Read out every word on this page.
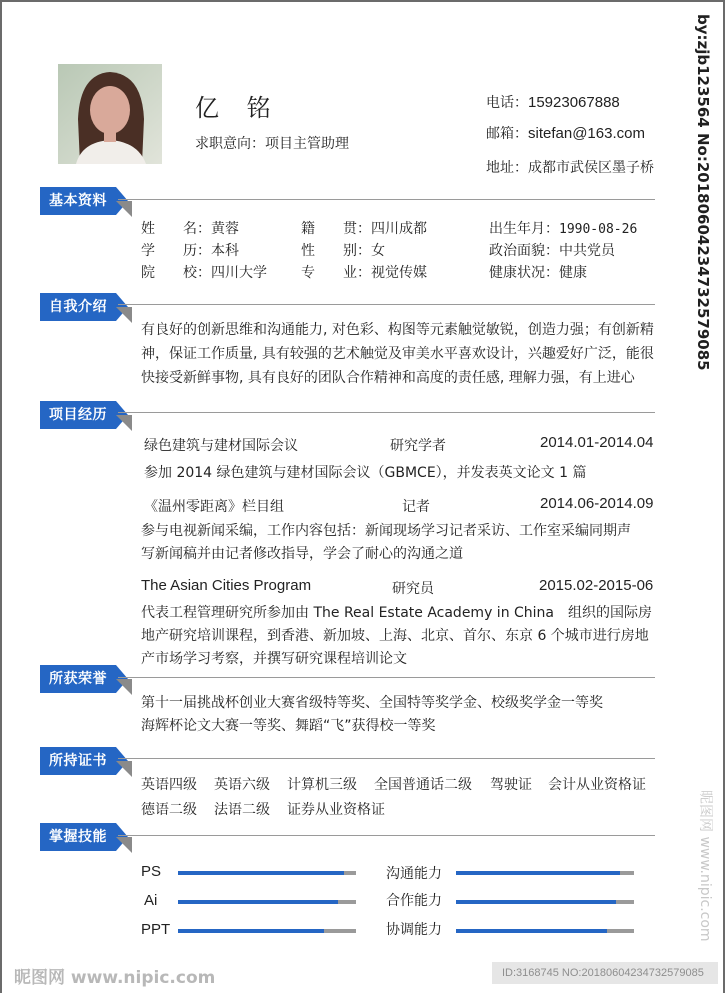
亿 铭
求职意向：项目主管助理
电话：15923067888
邮箱：sitefan@163.com
地址：成都市武侯区墨子桥
基本资料
姓　　名：黄蓉	籍　　贯：四川成都	出生年月：1990-08-26
学　　历：本科	性　　别：女	政治面貌：中共党员
院　　校：四川大学 专　　业：视觉传媒	健康状况：健康
自我介绍
有良好的创新思维和沟通能力, 对色彩、构图等元素触觉敏锐，创造力强；有创新精
神，保证工作质量, 具有较强的艺术触觉及审美水平喜欢设计，兴趣爱好广泛，能很
快接受新鲜事物, 具有良好的团队合作精神和高度的责任感, 理解力强，有上进心
项目经历
绿色建筑与建材国际会议	研究学者	2014.01-2014.04
参加 2014 绿色建筑与建材国际会议（GBMCE），并发表英文论文 1 篇
《温州零距离》栏目组	记者	2014.06-2014.09
参与电视新闻采编，工作内容包括：新闻现场学习记者采访、工作室采编同期声
写新闻稿并由记者修改指导，学会了耐心的沟通之道
The Asian Cities Program	研究员	2015.02-2015-06
代表工程管理研究所参加由 The Real Estate Academy in China　组织的国际房
地产研究培训课程，到香港、新加坡、上海、北京、首尔、东京 6 个城市进行房地
产市场学习考察，并撰写研究课程培训论文
所获荣誉
第十一届挑战杯创业大赛省级特等奖、全国特等奖学金、校级奖学金一等奖
海辉杯论文大赛一等奖、舞蹈“飞”获得校一等奖
所持证书
英语四级 英语六级 计算机三级 全国普通话二级 驾驶证 会计从业资格证
德语二级 法语二级 证券从业资格证
掌握技能
PS
Ai
PPT
沟通能力
合作能力
协调能力
by:zjb123564 No:20180604234732579085
昵图网 www.nipic.com
昵图网 www.nipic.com	ID:3168745 NO:20180604234732579085
